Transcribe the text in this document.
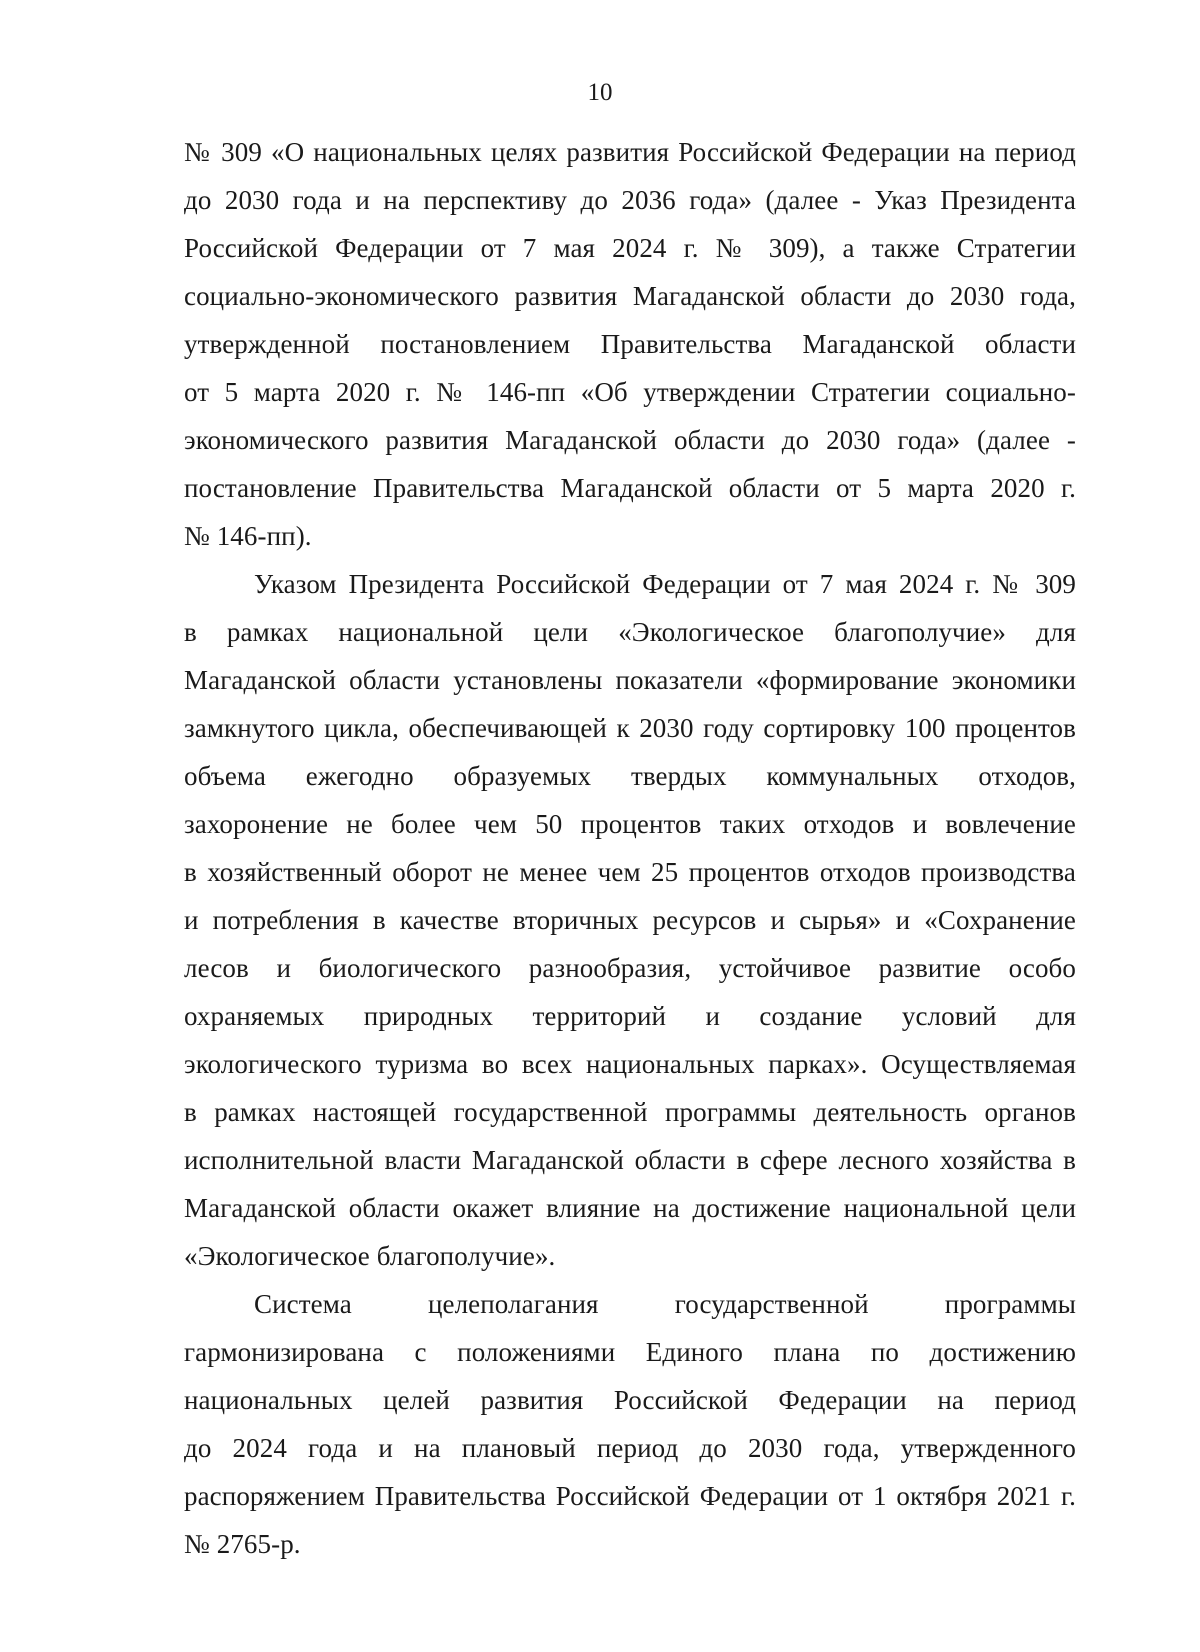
10
№ 309 «О национальных целях развития Российской Федерации на период
до 2030 года и на перспективу до 2036 года» (далее - Указ Президента
Российской Федерации от 7 мая 2024 г. № 309), а также Стратегии
социально-экономического развития Магаданской области до 2030 года,
утвержденной постановлением Правительства Магаданской области
от 5 марта 2020 г. № 146-пп «Об утверждении Стратегии социально-
экономического развития Магаданской области до 2030 года» (далее -
постановление Правительства Магаданской области от 5 марта 2020 г.
№ 146-пп).
Указом Президента Российской Федерации от 7 мая 2024 г. № 309
в рамках национальной цели «Экологическое благополучие» для
Магаданской области установлены показатели «формирование экономики
замкнутого цикла, обеспечивающей к 2030 году сортировку 100 процентов
объема ежегодно образуемых твердых коммунальных отходов,
захоронение не более чем 50 процентов таких отходов и вовлечение
в хозяйственный оборот не менее чем 25 процентов отходов производства
и потребления в качестве вторичных ресурсов и сырья» и «Сохранение
лесов и биологического разнообразия, устойчивое развитие особо
охраняемых природных территорий и создание условий для
экологического туризма во всех национальных парках». Осуществляемая
в рамках настоящей государственной программы деятельность органов
исполнительной власти Магаданской области в сфере лесного хозяйства в
Магаданской области окажет влияние на достижение национальной цели
«Экологическое благополучие».
Система целеполагания государственной программы
гармонизирована с положениями Единого плана по достижению
национальных целей развития Российской Федерации на период
до 2024 года и на плановый период до 2030 года, утвержденного
распоряжением Правительства Российской Федерации от 1 октября 2021 г.
№ 2765-р.
